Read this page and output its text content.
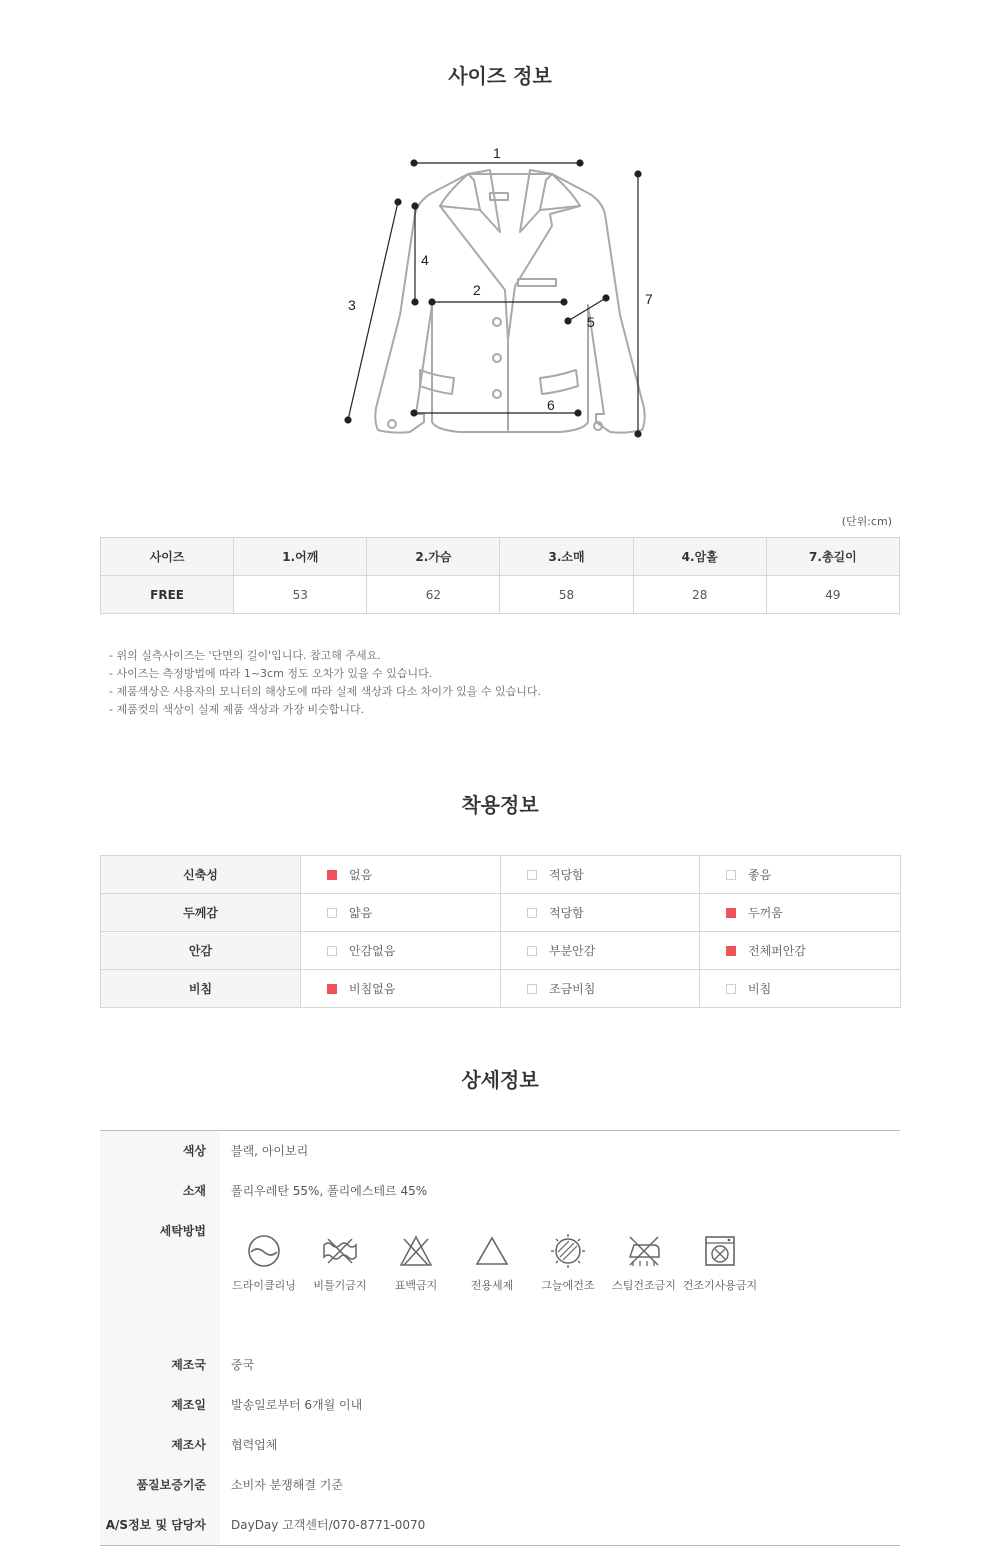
사이즈 정보
1
2
3
4
5
6
7
(단위:cm)
사이즈	1.어깨	2.가슴	3.소매	4.암홀	7.총길이
FREE	53	62	58	28	49
- 위의 실측사이즈는 '단면의 길이'입니다. 참고해 주세요.
- 사이즈는 측정방법에 따라 1~3cm 정도 오차가 있을 수 있습니다.
- 제품색상은 사용자의 모니터의 해상도에 따라 실제 색상과 다소 차이가 있을 수 있습니다.
- 제품컷의 색상이 실제 제품 색상과 가장 비슷합니다.
착용정보
신축성	없음	적당함	좋음
두께감	얇음	적당함	두꺼움
안감	안감없음	부분안감	전체퍼안감
비침	비침없음	조금비침	비침
상세정보
색상	블랙, 아이보리
소재	폴리우레탄 55%, 폴리에스테르 45%
세탁방법
드라이클리닝	비틀기금지	표백금지	전용세제	그늘에건조	스팀건조금지 건조기사용금지
제조국	중국
제조일	발송일로부터 6개월 이내
제조사	협력업체
품질보증기준	소비자 분쟁해결 기준
A/S정보 및 담당자	DayDay 고객센터/070-8771-0070
